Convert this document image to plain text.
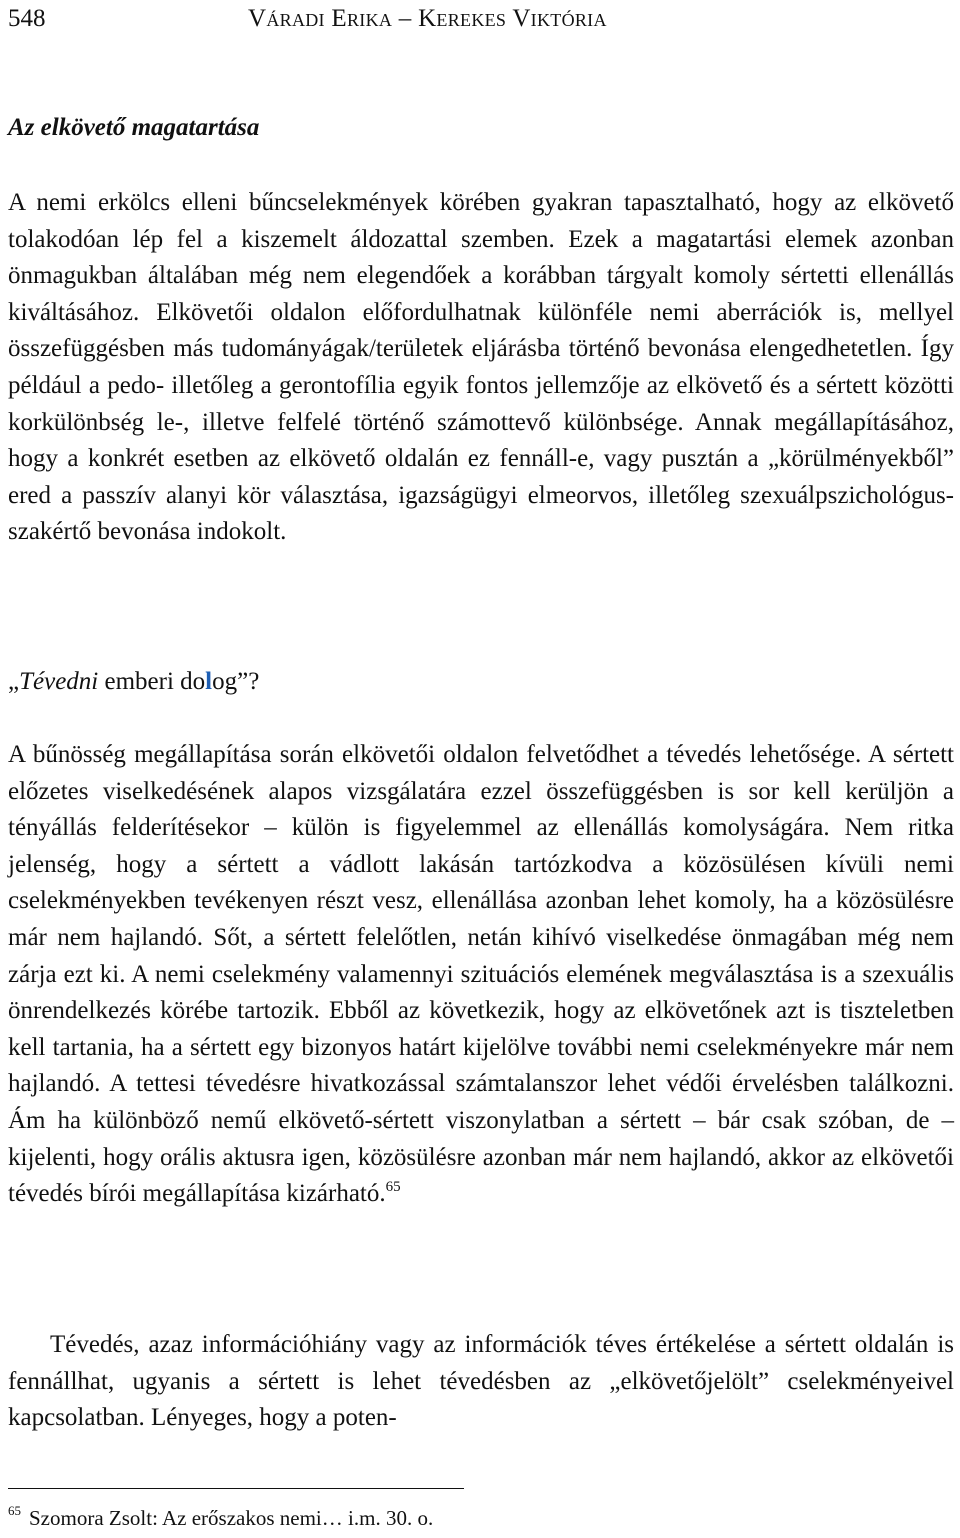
548	Váradi Erika – Kerekes Viktória
Az elkövető magatartása

A nemi erkölcs elleni bűncselekmények körében gyakran tapasztalható, hogy az elkövető tolakodóan lép fel a kiszemelt áldozattal szemben. Ezek a magatartási elemek azonban önmagukban általában még nem elegendőek a korábban tárgyalt komoly sértetti ellenállás kiváltásához. Elkövetői oldalon előfordulhatnak különféle nemi aberrációk is, mellyel összefüggésben más tudományágak/területek eljárásba történő bevonása elengedhetetlen. Így például a pedo- illetőleg a gerontofília egyik fontos jellemzője az elkövető és a sértett közötti korkülönbség le-, illetve felfelé történő számottevő különbsége. Annak megállapításához, hogy a konkrét esetben az elkövető oldalán ez fennáll-e, vagy pusztán a „körülményekből” ered a passzív alanyi kör választása, igazságügyi elmeorvos, illetőleg szexuálpszichológus-szakértő bevonása indokolt.

„Tévedni emberi dolog”?

A bűnösség megállapítása során elkövetői oldalon felvetődhet a tévedés lehetősége. A sértett előzetes viselkedésének alapos vizsgálatára ezzel összefüggésben is sor kell kerüljön a tényállás felderítésekor – külön is figyelemmel az ellenállás komolyságára. Nem ritka jelenség, hogy a sértett a vádlott lakásán tartózkodva a közösülésen kívüli nemi cselekményekben tevékenyen részt vesz, ellenállása azonban lehet komoly, ha a közösülésre már nem hajlandó. Sőt, a sértett felelőtlen, netán kihívó viselkedése önmagában még nem zárja ezt ki. A nemi cselekmény valamennyi szituációs elemének megválasztása is a szexuális önrendelkezés körébe tartozik. Ebből az következik, hogy az elkövetőnek azt is tiszteletben kell tartania, ha a sértett egy bizonyos határt kijelölve további nemi cselekményekre már nem hajlandó. A tettesi tévedésre hivatkozással számtalanszor lehet védői érvelésben találkozni. Ám ha különböző nemű elkövető-sértett viszonylatban a sértett – bár csak szóban, de – kijelenti, hogy orális aktusra igen, közösülésre azonban már nem hajlandó, akkor az elkövetői tévedés bírói megállapítása kizárható.$^{65}$

Tévedés, azaz információhiány vagy az információk téves értékelése a sértett oldalán is fennállhat, ugyanis a sértett is lehet tévedésben az „elkövetőjelölt” cselekményeivel kapcsolatban. Lényeges, hogy a poten-

$^{65}$ Szomora Zsolt: Az erőszakos nemi… i.m. 30. o.
